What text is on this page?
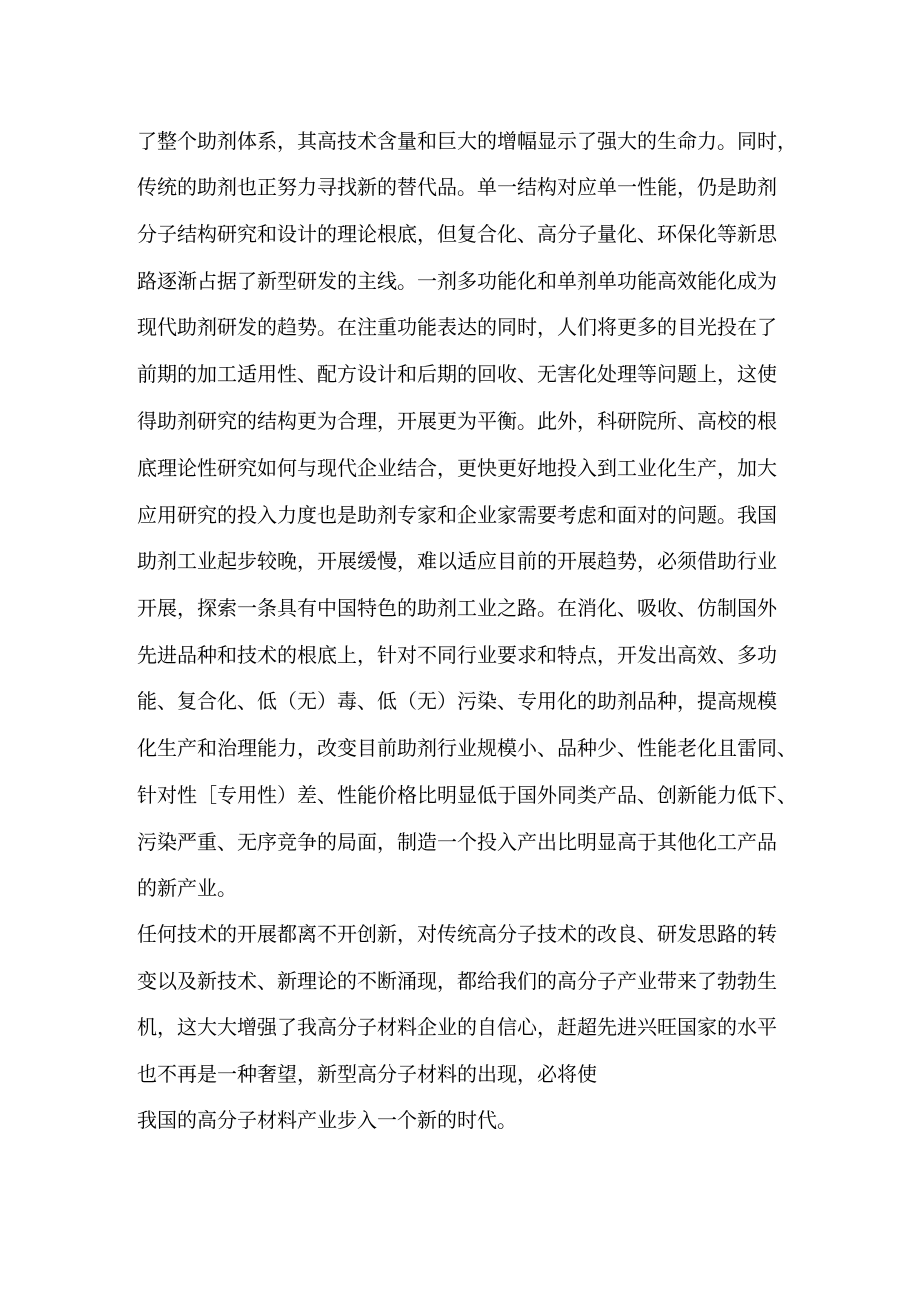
了整个助剂体系，其高技术含量和巨大的增幅显示了强大的生命力。同时，

传统的助剂也正努力寻找新的替代品。单一结构对应单一性能，仍是助剂

分子结构研究和设计的理论根底，但复合化、高分子量化、环保化等新思

路逐渐占据了新型研发的主线。一剂多功能化和单剂单功能高效能化成为

现代助剂研发的趋势。在注重功能表达的同时，人们将更多的目光投在了

前期的加工适用性、配方设计和后期的回收、无害化处理等问题上，这使

得助剂研究的结构更为合理，开展更为平衡。此外，科研院所、高校的根

底理论性研究如何与现代企业结合，更快更好地投入到工业化生产，加大

应用研究的投入力度也是助剂专家和企业家需要考虑和面对的问题。我国

助剂工业起步较晚，开展缓慢，难以适应目前的开展趋势，必须借助行业

开展，探索一条具有中国特色的助剂工业之路。在消化、吸收、仿制国外

先进品种和技术的根底上，针对不同行业要求和特点，开发出高效、多功

能、复合化、低（无）毒、低（无）污染、专用化的助剂品种，提高规模

化生产和治理能力，改变目前助剂行业规模小、品种少、性能老化且雷同、

针对性［专用性）差、性能价格比明显低于国外同类产品、创新能力低下、

污染严重、无序竞争的局面，制造一个投入产出比明显高于其他化工产品

的新产业。

任何技术的开展都离不开创新，对传统高分子技术的改良、研发思路的转

变以及新技术、新理论的不断涌现，都给我们的高分子产业带来了勃勃生

机，这大大增强了我高分子材料企业的自信心，赶超先进兴旺国家的水平

也不再是一种奢望，新型高分子材料的出现，必将使

我国的高分子材料产业步入一个新的时代。
